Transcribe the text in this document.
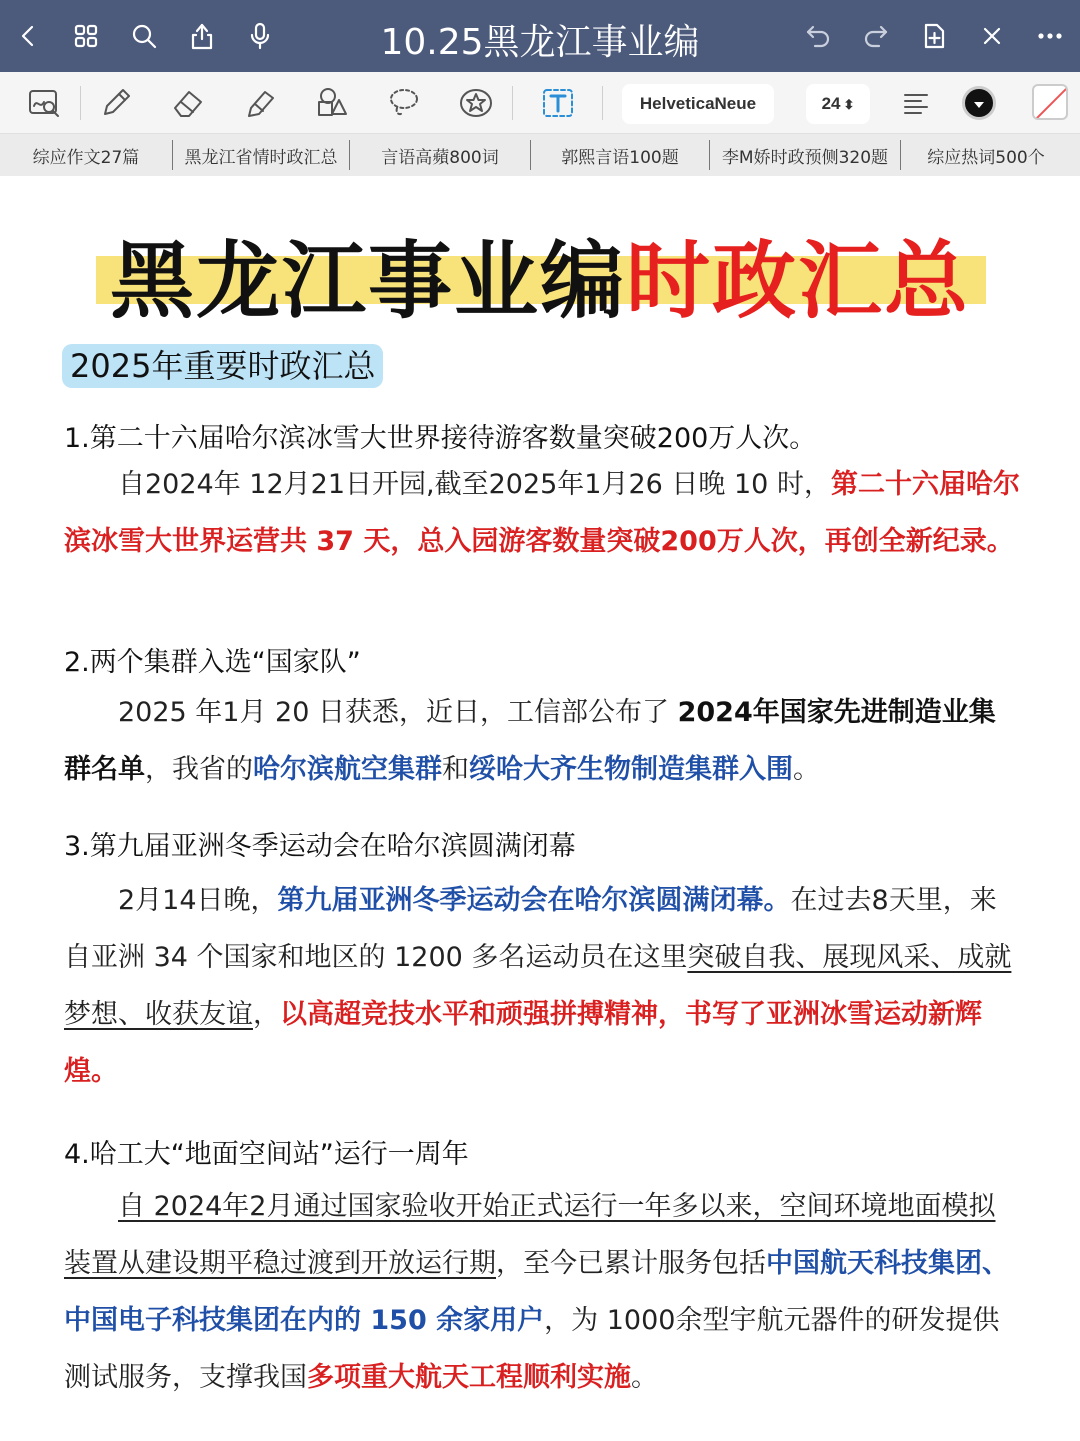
10.25黑龙江事业编
HelveticaNeue	24 ⬍
综应作文27篇	黑龙江省情时政汇总	言语高蘋800词	郭熙言语100题	李M娇时政预侧320题	综应热词500个
黑龙江事业编时政汇总
2025年重要时政汇总
1.第二十六届哈尔滨冰雪大世界接待游客数量突破200万人次。
自2024年 12月21日开园,截至2025年1月26 日晚 10 时，第二十六届哈尔滨冰雪大世界运营共 37 天，总入园游客数量突破200万人次，再创全新纪录。
2.两个集群入选“国家队”
2025 年1月 20 日获悉，近日，工信部公布了 2024年国家先进制造业集群名单，我省的哈尔滨航空集群和绥哈大齐生物制造集群入围。
3.第九届亚洲冬季运动会在哈尔滨圆满闭幕
2月14日晚，第九届亚洲冬季运动会在哈尔滨圆满闭幕。在过去8天里，来自亚洲 34 个国家和地区的 1200 多名运动员在这里突破自我、展现风采、成就梦想、收获友谊，以高超竞技水平和顽强拼搏精神，书写了亚洲冰雪运动新辉煌。
4.哈工大“地面空间站”运行一周年
自 2024年2月通过国家验收开始正式运行一年多以来，空间环境地面模拟装置从建设期平稳过渡到开放运行期，至今已累计服务包括中国航天科技集团、中国电子科技集团在内的 150 余家用户，为 1000余型宇航元器件的研发提供测试服务，支撑我国多项重大航天工程顺利实施。
